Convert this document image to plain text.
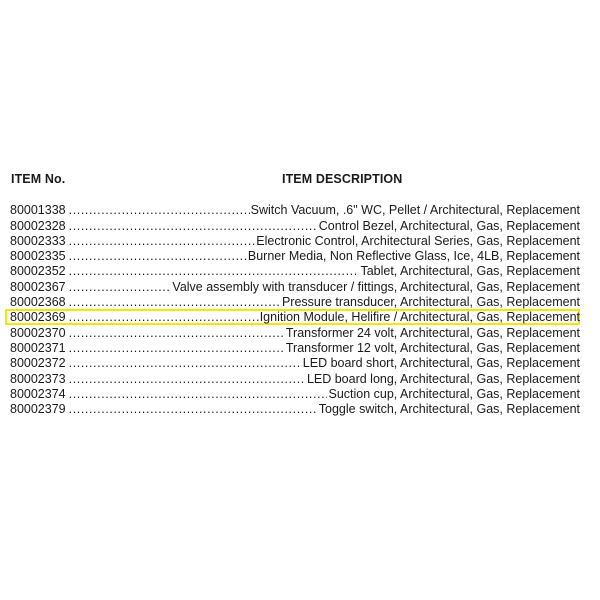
ITEM No.	ITEM DESCRIPTION
80001338 .....	Switch Vacuum, .6" WC, Pellet / Architectural, Replacement
80002328 .....	Control Bezel, Architectural, Gas, Replacement
80002333 .....	Electronic Control, Architectural Series, Gas, Replacement
80002335 .....	Burner Media, Non Reflective Glass, Ice, 4LB, Replacement
80002352 .....	Tablet, Architectural, Gas, Replacement
80002367 .....	Valve assembly with transducer / fittings, Architectural, Gas, Replacement
80002368 .....	Pressure transducer, Architectural, Gas, Replacement
80002369 .....	Ignition Module, Helifire / Architectural, Gas, Replacement
80002370 .....	Transformer 24 volt, Architectural, Gas, Replacement
80002371 .....	Transformer 12 volt, Architectural, Gas, Replacement
80002372 .....	LED board short, Architectural, Gas, Replacement
80002373 .....	LED board long, Architectural, Gas, Replacement
80002374 .....	Suction cup, Architectural, Gas, Replacement
80002379 .....	Toggle switch, Architectural, Gas, Replacement
